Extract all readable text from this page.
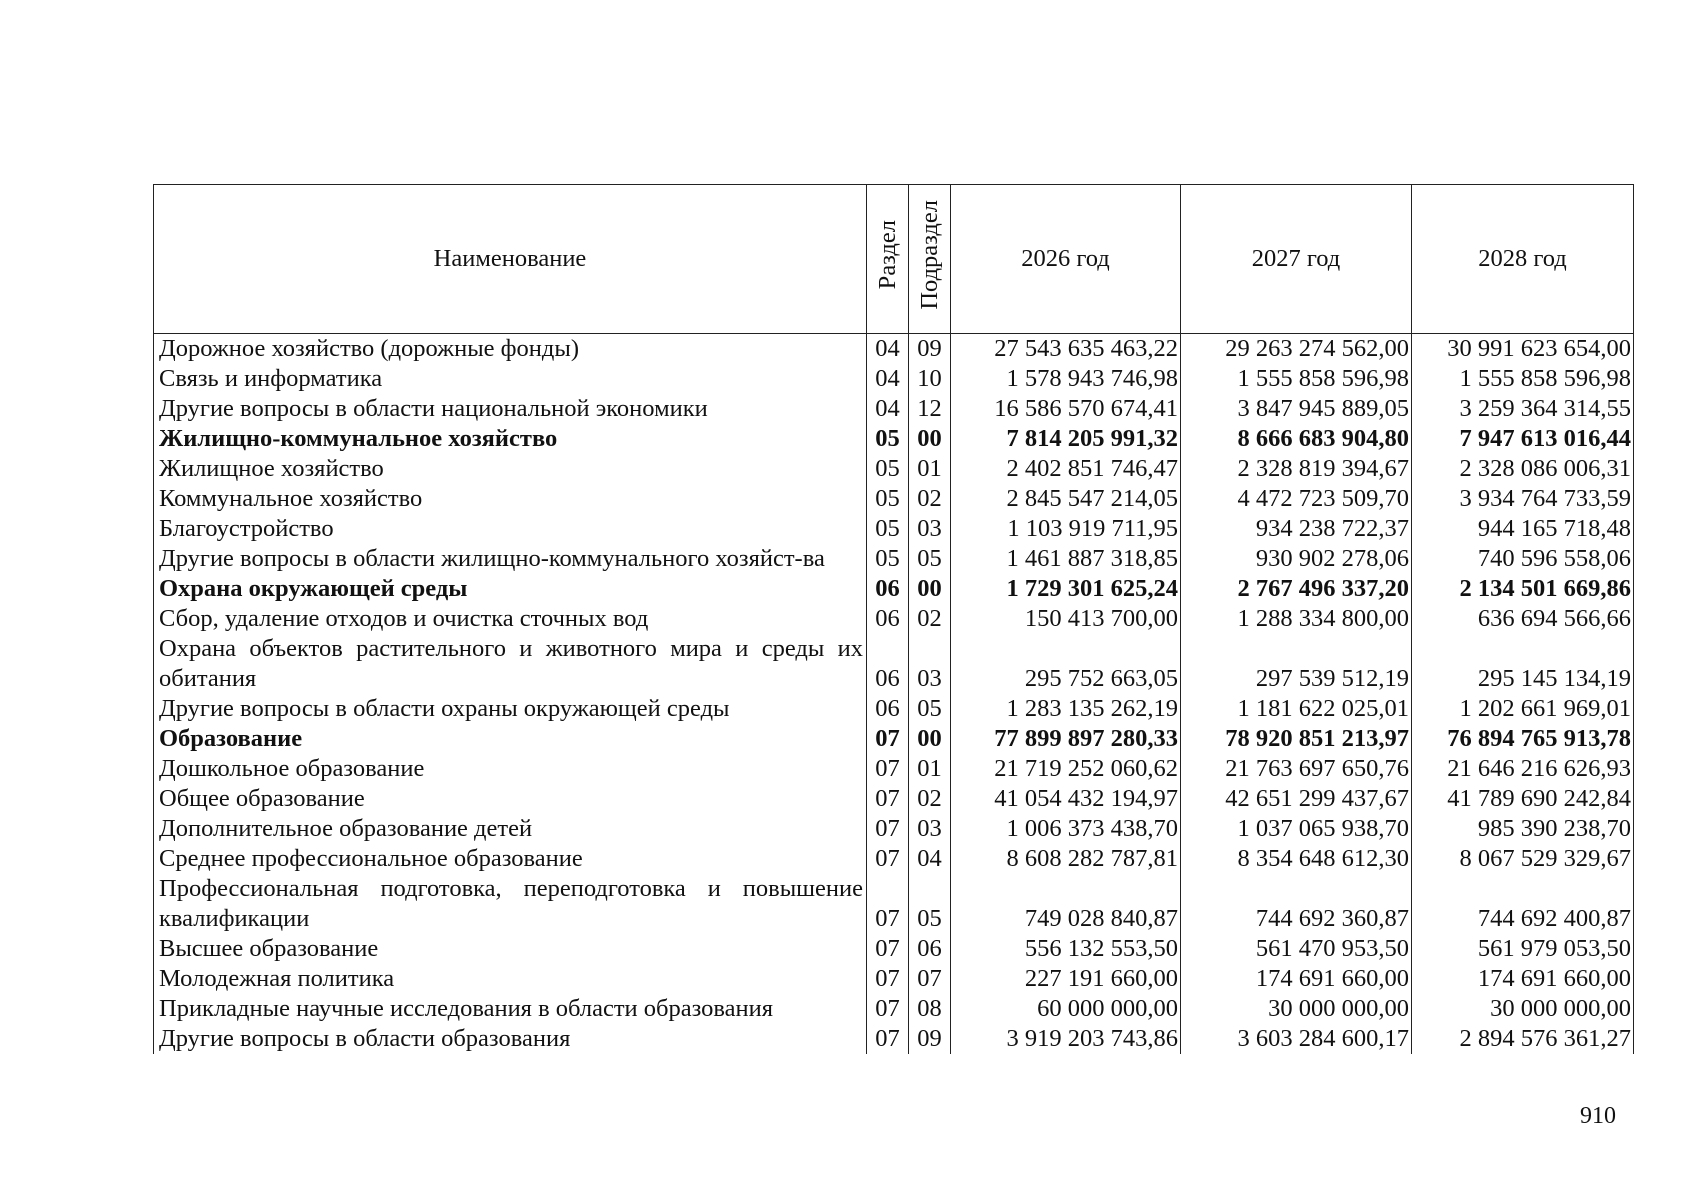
Наименование	Раздел	Подраздел	2026 год	2027 год	2028 год
Дорожное хозяйство (дорожные фонды)	04	09	27 543 635 463,22	29 263 274 562,00	30 991 623 654,00
Связь и информатика	04	10	1 578 943 746,98	1 555 858 596,98	1 555 858 596,98
Другие вопросы в области национальной экономики	04	12	16 586 570 674,41	3 847 945 889,05	3 259 364 314,55
Жилищно-коммунальное хозяйство	05	00	7 814 205 991,32	8 666 683 904,80	7 947 613 016,44
Жилищное хозяйство	05	01	2 402 851 746,47	2 328 819 394,67	2 328 086 006,31
Коммунальное хозяйство	05	02	2 845 547 214,05	4 472 723 509,70	3 934 764 733,59
Благоустройство	05	03	1 103 919 711,95	934 238 722,37	944 165 718,48
Другие вопросы в области жилищно-коммунального хозяйст-ва	05	05	1 461 887 318,85	930 902 278,06	740 596 558,06
Охрана окружающей среды	06	00	1 729 301 625,24	2 767 496 337,20	2 134 501 669,86
Сбор, удаление отходов и очистка сточных вод	06	02	150 413 700,00	1 288 334 800,00	636 694 566,66
Охрана объектов растительного и животного мира и среды их обитания	06	03	295 752 663,05	297 539 512,19	295 145 134,19
Другие вопросы в области охраны окружающей среды	06	05	1 283 135 262,19	1 181 622 025,01	1 202 661 969,01
Образование	07	00	77 899 897 280,33	78 920 851 213,97	76 894 765 913,78
Дошкольное образование	07	01	21 719 252 060,62	21 763 697 650,76	21 646 216 626,93
Общее образование	07	02	41 054 432 194,97	42 651 299 437,67	41 789 690 242,84
Дополнительное образование детей	07	03	1 006 373 438,70	1 037 065 938,70	985 390 238,70
Среднее профессиональное образование	07	04	8 608 282 787,81	8 354 648 612,30	8 067 529 329,67
Профессиональная подготовка, переподготовка и повышение квалификации	07	05	749 028 840,87	744 692 360,87	744 692 400,87
Высшее образование	07	06	556 132 553,50	561 470 953,50	561 979 053,50
Молодежная политика	07	07	227 191 660,00	174 691 660,00	174 691 660,00
Прикладные научные исследования в области образования	07	08	60 000 000,00	30 000 000,00	30 000 000,00
Другие вопросы в области образования	07	09	3 919 203 743,86	3 603 284 600,17	2 894 576 361,27
910
